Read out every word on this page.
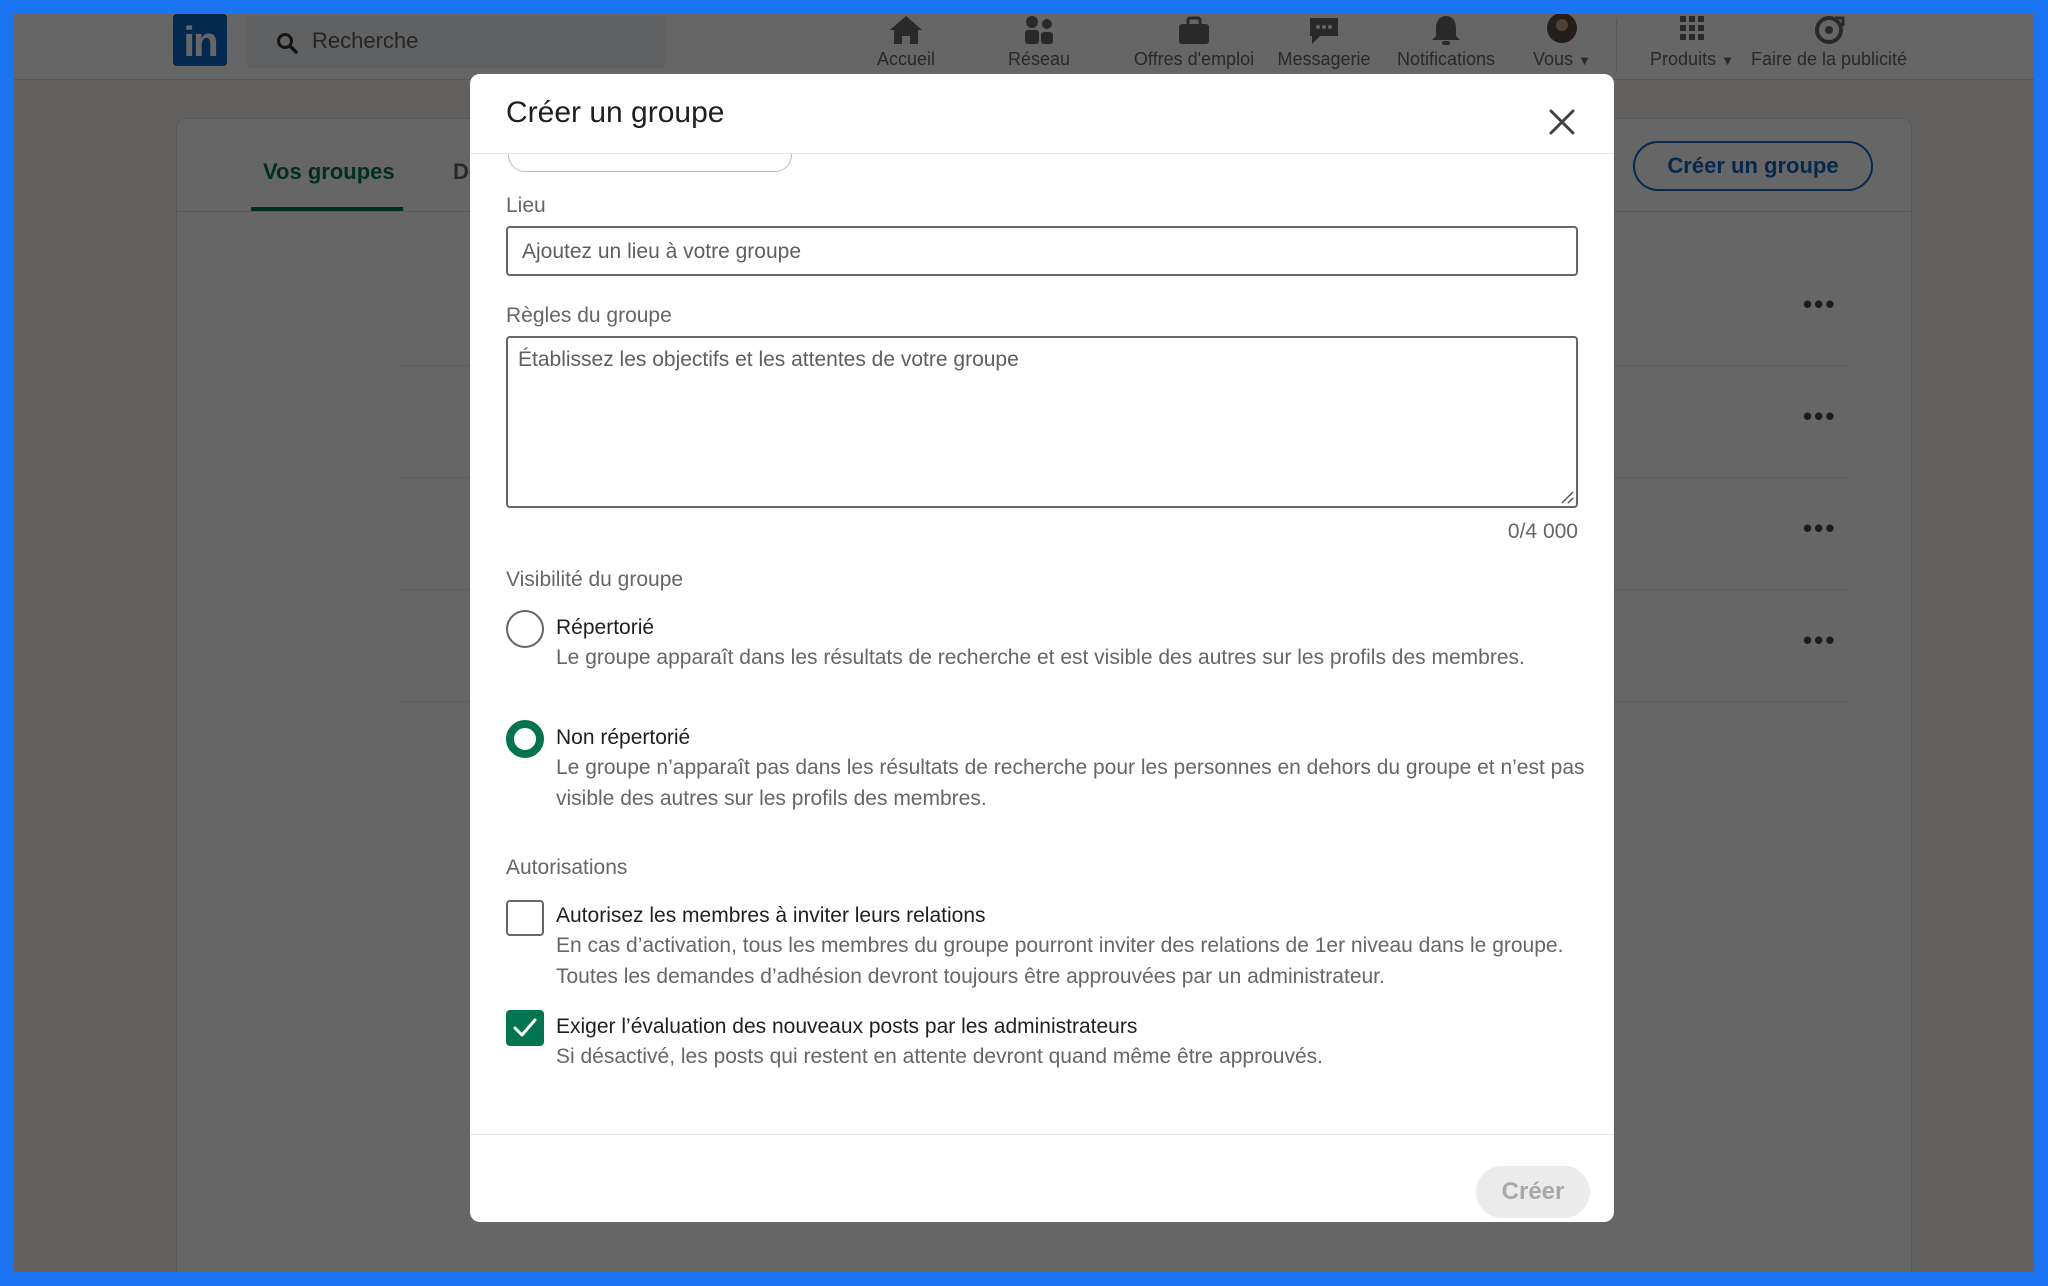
Créer un groupe
Lieu
Ajoutez un lieu à votre groupe
Règles du groupe
Établissez les objectifs et les attentes de votre groupe
0/4 000
Visibilité du groupe
Répertorié
Le groupe apparaît dans les résultats de recherche et est visible des autres sur les profils des membres.
Non répertorié
Le groupe n’apparaît pas dans les résultats de recherche pour les personnes en dehors du groupe et n’est pas visible des autres sur les profils des membres.
Autorisations
Autorisez les membres à inviter leurs relations
En cas d’activation, tous les membres du groupe pourront inviter des relations de 1er niveau dans le groupe. Toutes les demandes d’adhésion devront toujours être approuvées par un administrateur.
Exiger l’évaluation des nouveaux posts par les administrateurs
Si désactivé, les posts qui restent en attente devront quand même être approuvés.
Créer
